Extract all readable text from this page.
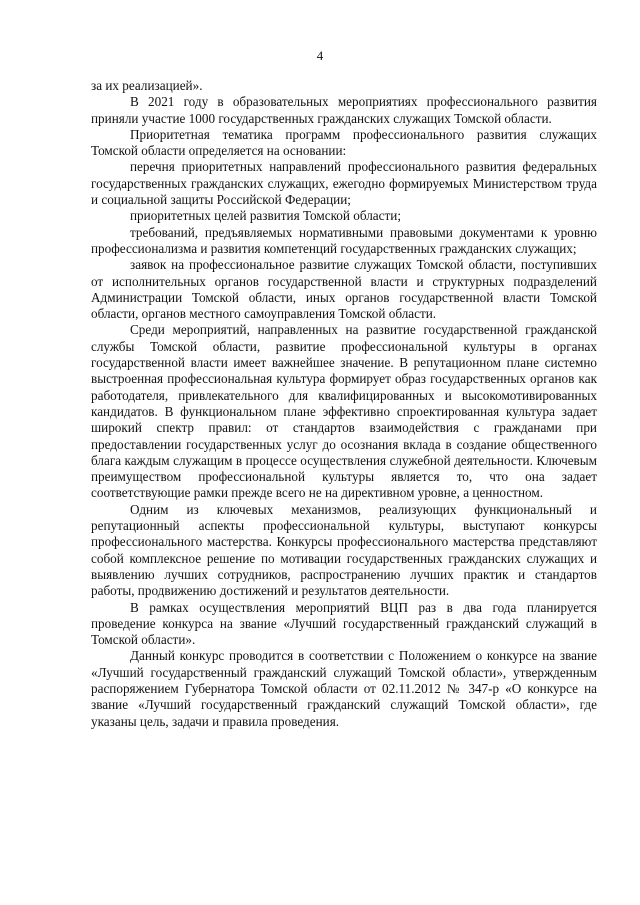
4

за их реализацией».

В 2021 году в образовательных мероприятиях профессионального развития приняли участие 1000 государственных гражданских служащих Томской области.

Приоритетная тематика программ профессионального развития служащих Томской области определяется на основании:

перечня приоритетных направлений профессионального развития федеральных государственных гражданских служащих, ежегодно формируемых Министерством труда и социальной защиты Российской Федерации;

приоритетных целей развития Томской области;

требований, предъявляемых нормативными правовыми документами к уровню профессионализма и развития компетенций государственных гражданских служащих;

заявок на профессиональное развитие служащих Томской области, поступивших от исполнительных органов государственной власти и структурных подразделений Администрации Томской области, иных органов государственной власти Томской области, органов местного самоуправления Томской области.

Среди мероприятий, направленных на развитие государственной гражданской службы Томской области, развитие профессиональной культуры в органах государственной власти имеет важнейшее значение. В репутационном плане системно выстроенная профессиональная культура формирует образ государственных органов как работодателя, привлекательного для квалифицированных и высокомотивированных кандидатов. В функциональном плане эффективно спроектированная культура задает широкий спектр правил: от стандартов взаимодействия с гражданами при предоставлении государственных услуг до осознания вклада в создание общественного блага каждым служащим в процессе осуществления служебной деятельности. Ключевым преимуществом профессиональной культуры является то, что она задает соответствующие рамки прежде всего не на директивном уровне, а ценностном.

Одним из ключевых механизмов, реализующих функциональный и репутационный аспекты профессиональной культуры, выступают конкурсы профессионального мастерства. Конкурсы профессионального мастерства представляют собой комплексное решение по мотивации государственных гражданских служащих и выявлению лучших сотрудников, распространению лучших практик и стандартов работы, продвижению достижений и результатов деятельности.

В рамках осуществления мероприятий ВЦП раз в два года планируется проведение конкурса на звание «Лучший государственный гражданский служащий в Томской области».

Данный конкурс проводится в соответствии с Положением о конкурсе на звание «Лучший государственный гражданский служащий Томской области», утвержденным распоряжением Губернатора Томской области от 02.11.2012 № 347-р «О конкурсе на звание «Лучший государственный гражданский служащий Томской области», где указаны цель, задачи и правила проведения.
